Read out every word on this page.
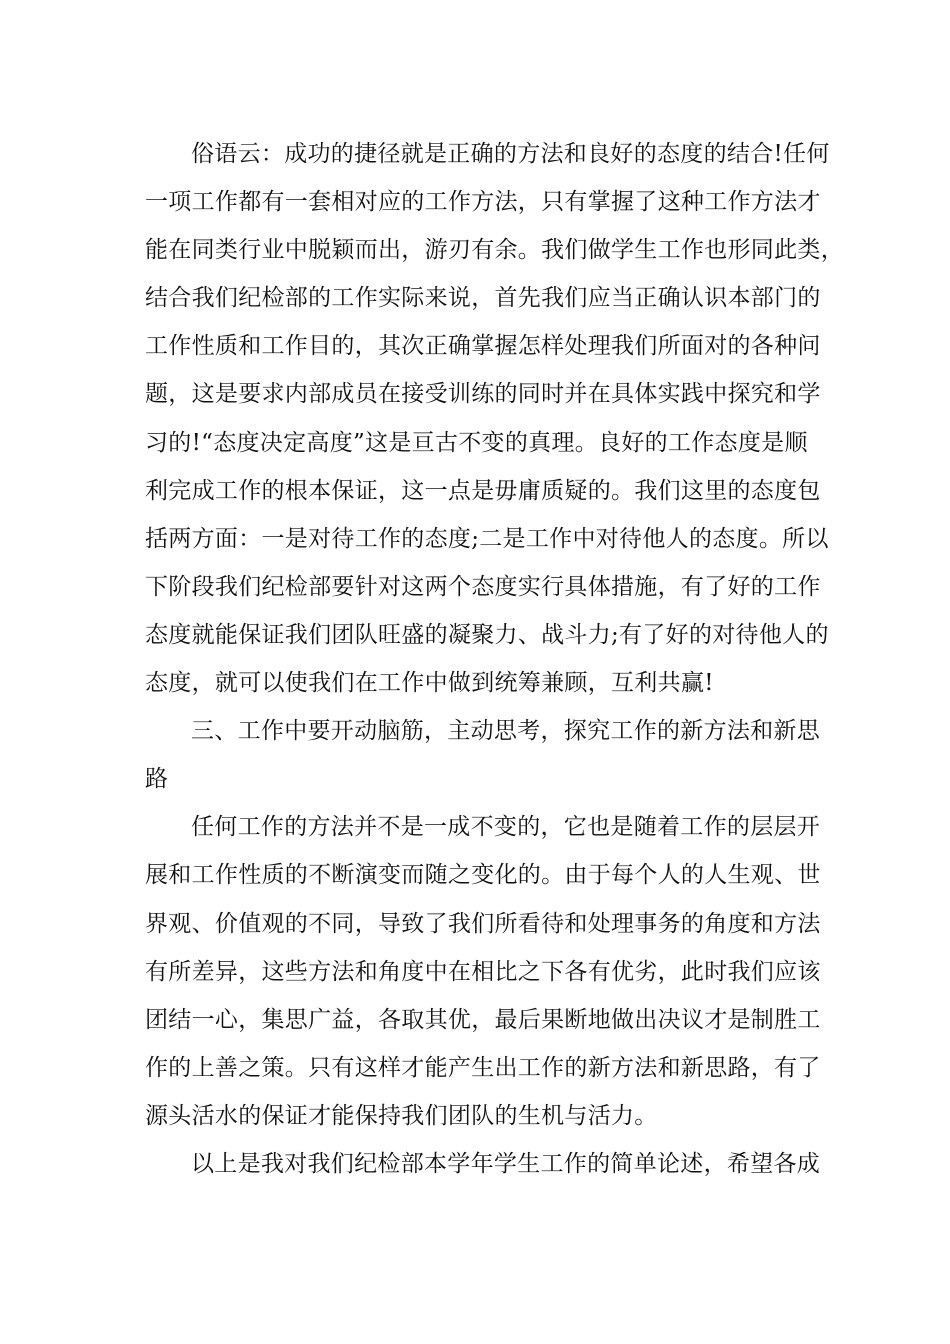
俗语云：成功的捷径就是正确的方法和良好的态度的结合!任何
一项工作都有一套相对应的工作方法，只有掌握了这种工作方法才
能在同类行业中脱颖而出，游刃有余。我们做学生工作也形同此类，
结合我们纪检部的工作实际来说，首先我们应当正确认识本部门的
工作性质和工作目的，其次正确掌握怎样处理我们所面对的各种问
题，这是要求内部成员在接受训练的同时并在具体实践中探究和学
习的!“态度决定高度”这是亘古不变的真理。良好的工作态度是顺
利完成工作的根本保证，这一点是毋庸质疑的。我们这里的态度包
括两方面：一是对待工作的态度;二是工作中对待他人的态度。所以
下阶段我们纪检部要针对这两个态度实行具体措施，有了好的工作
态度就能保证我们团队旺盛的凝聚力、战斗力;有了好的对待他人的
态度，就可以使我们在工作中做到统筹兼顾，互利共赢!

三、工作中要开动脑筋，主动思考，探究工作的新方法和新思
路

任何工作的方法并不是一成不变的，它也是随着工作的层层开
展和工作性质的不断演变而随之变化的。由于每个人的人生观、世
界观、价值观的不同，导致了我们所看待和处理事务的角度和方法
有所差异，这些方法和角度中在相比之下各有优劣，此时我们应该
团结一心，集思广益，各取其优，最后果断地做出决议才是制胜工
作的上善之策。只有这样才能产生出工作的新方法和新思路，有了
源头活水的保证才能保持我们团队的生机与活力。

以上是我对我们纪检部本学年学生工作的简单论述，希望各成
